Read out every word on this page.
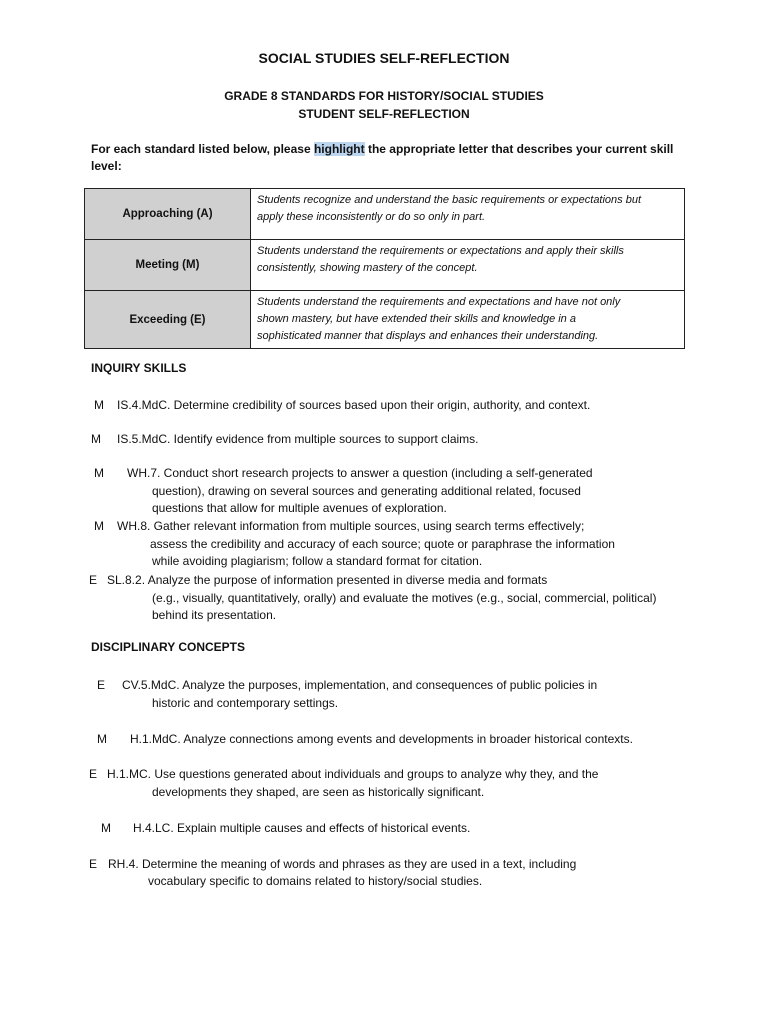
SOCIAL STUDIES SELF-REFLECTION
GRADE 8 STANDARDS FOR HISTORY/SOCIAL STUDIES
STUDENT SELF-REFLECTION
For each standard listed below, please highlight the appropriate letter that describes your current skill
level:
Approaching (A)	Students recognize and understand the basic requirements or expectations but
apply these inconsistently or do so only in part.

Meeting (M)	Students understand the requirements or expectations and apply their skills
consistently, showing mastery of the concept.

Exceeding (E)	Students understand the requirements and expectations and have not only
shown mastery, but have extended their skills and knowledge in a
sophisticated manner that displays and enhances their understanding.
INQUIRY SKILLS
M IS.4.MdC. Determine credibility of sources based upon their origin, authority, and context.
M IS.5.MdC. Identify evidence from multiple sources to support claims.
M WH.7. Conduct short research projects to answer a question (including a self-generated
question), drawing on several sources and generating additional related, focused
questions that allow for multiple avenues of exploration.
M WH.8. Gather relevant information from multiple sources, using search terms effectively;
assess the credibility and accuracy of each source; quote or paraphrase the information
while avoiding plagiarism; follow a standard format for citation.
E SL.8.2. Analyze the purpose of information presented in diverse media and formats
(e.g., visually, quantitatively, orally) and evaluate the motives (e.g., social, commercial, political)
behind its presentation.
DISCIPLINARY CONCEPTS
E CV.5.MdC. Analyze the purposes, implementation, and consequences of public policies in
historic and contemporary settings.
M H.1.MdC. Analyze connections among events and developments in broader historical contexts.
E H.1.MC. Use questions generated about individuals and groups to analyze why they, and the
developments they shaped, are seen as historically significant.
M H.4.LC. Explain multiple causes and effects of historical events.
E RH.4. Determine the meaning of words and phrases as they are used in a text, including
vocabulary specific to domains related to history/social studies.
